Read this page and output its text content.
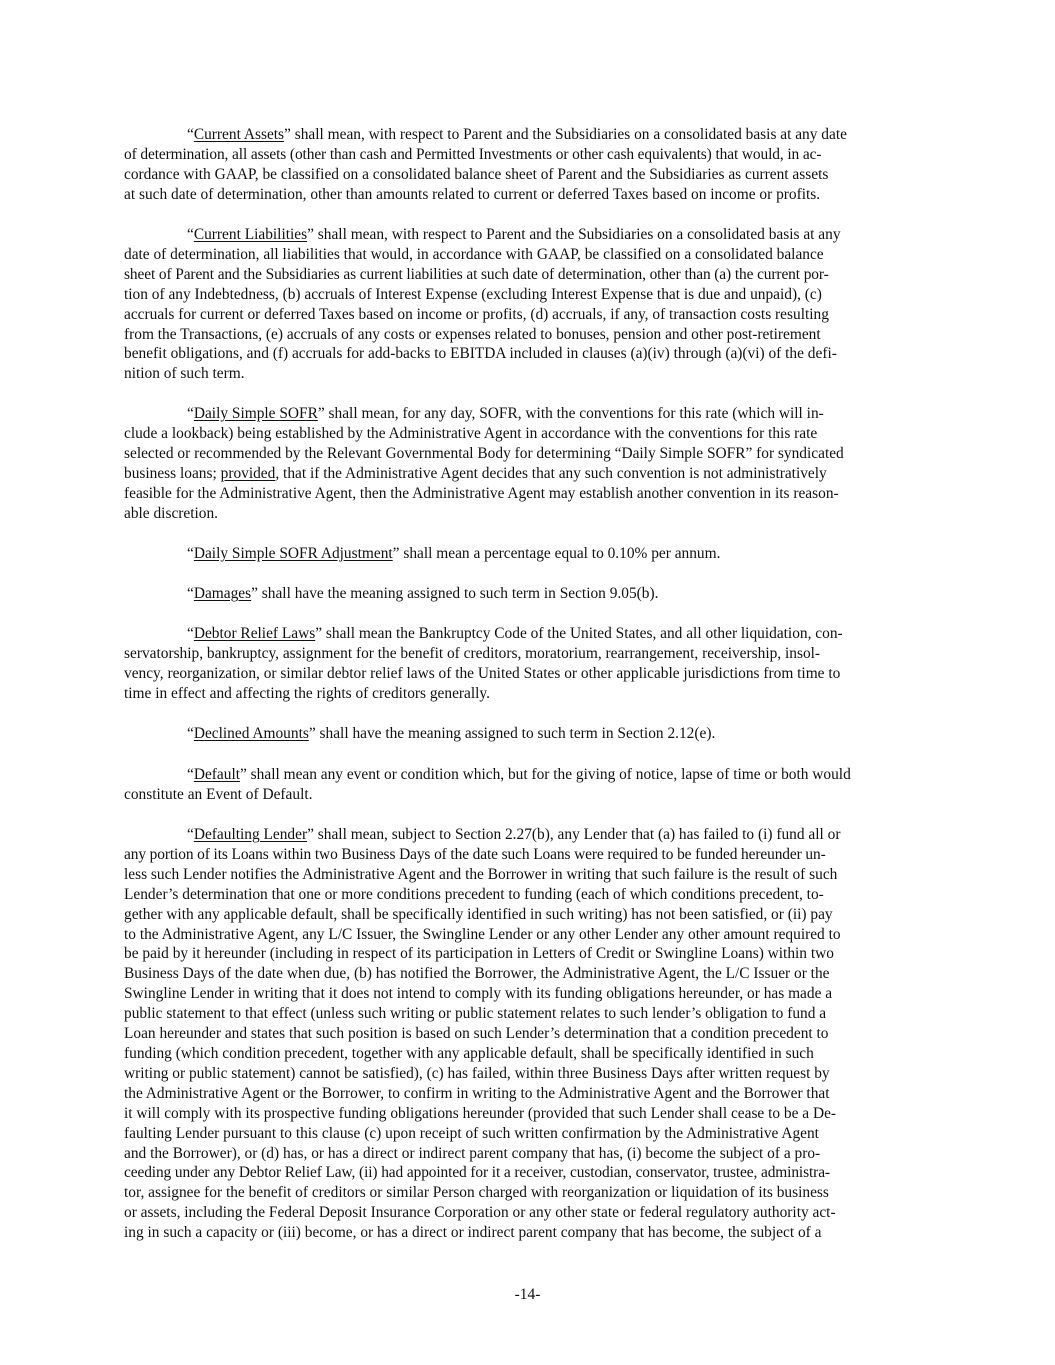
“Current Assets” shall mean, with respect to Parent and the Subsidiaries on a consolidated basis at any date
of determination, all assets (other than cash and Permitted Investments or other cash equivalents) that would, in ac-
cordance with GAAP, be classified on a consolidated balance sheet of Parent and the Subsidiaries as current assets
at such date of determination, other than amounts related to current or deferred Taxes based on income or profits.

“Current Liabilities” shall mean, with respect to Parent and the Subsidiaries on a consolidated basis at any
date of determination, all liabilities that would, in accordance with GAAP, be classified on a consolidated balance
sheet of Parent and the Subsidiaries as current liabilities at such date of determination, other than (a) the current por-
tion of any Indebtedness, (b) accruals of Interest Expense (excluding Interest Expense that is due and unpaid), (c)
accruals for current or deferred Taxes based on income or profits, (d) accruals, if any, of transaction costs resulting
from the Transactions, (e) accruals of any costs or expenses related to bonuses, pension and other post-retirement
benefit obligations, and (f) accruals for add-backs to EBITDA included in clauses (a)(iv) through (a)(vi) of the defi-
nition of such term.

“Daily Simple SOFR” shall mean, for any day, SOFR, with the conventions for this rate (which will in-
clude a lookback) being established by the Administrative Agent in accordance with the conventions for this rate
selected or recommended by the Relevant Governmental Body for determining “Daily Simple SOFR” for syndicated
business loans; provided, that if the Administrative Agent decides that any such convention is not administratively
feasible for the Administrative Agent, then the Administrative Agent may establish another convention in its reason-
able discretion.

“Daily Simple SOFR Adjustment” shall mean a percentage equal to 0.10% per annum.

“Damages” shall have the meaning assigned to such term in Section 9.05(b).

“Debtor Relief Laws” shall mean the Bankruptcy Code of the United States, and all other liquidation, con-
servatorship, bankruptcy, assignment for the benefit of creditors, moratorium, rearrangement, receivership, insol-
vency, reorganization, or similar debtor relief laws of the United States or other applicable jurisdictions from time to
time in effect and affecting the rights of creditors generally.

“Declined Amounts” shall have the meaning assigned to such term in Section 2.12(e).

“Default” shall mean any event or condition which, but for the giving of notice, lapse of time or both would
constitute an Event of Default.

“Defaulting Lender” shall mean, subject to Section 2.27(b), any Lender that (a) has failed to (i) fund all or
any portion of its Loans within two Business Days of the date such Loans were required to be funded hereunder un-
less such Lender notifies the Administrative Agent and the Borrower in writing that such failure is the result of such
Lender’s determination that one or more conditions precedent to funding (each of which conditions precedent, to-
gether with any applicable default, shall be specifically identified in such writing) has not been satisfied, or (ii) pay
to the Administrative Agent, any L/C Issuer, the Swingline Lender or any other Lender any other amount required to
be paid by it hereunder (including in respect of its participation in Letters of Credit or Swingline Loans) within two
Business Days of the date when due, (b) has notified the Borrower, the Administrative Agent, the L/C Issuer or the
Swingline Lender in writing that it does not intend to comply with its funding obligations hereunder, or has made a
public statement to that effect (unless such writing or public statement relates to such lender’s obligation to fund a
Loan hereunder and states that such position is based on such Lender’s determination that a condition precedent to
funding (which condition precedent, together with any applicable default, shall be specifically identified in such
writing or public statement) cannot be satisfied), (c) has failed, within three Business Days after written request by
the Administrative Agent or the Borrower, to confirm in writing to the Administrative Agent and the Borrower that
it will comply with its prospective funding obligations hereunder (provided that such Lender shall cease to be a De-
faulting Lender pursuant to this clause (c) upon receipt of such written confirmation by the Administrative Agent
and the Borrower), or (d) has, or has a direct or indirect parent company that has, (i) become the subject of a pro-
ceeding under any Debtor Relief Law, (ii) had appointed for it a receiver, custodian, conservator, trustee, administra-
tor, assignee for the benefit of creditors or similar Person charged with reorganization or liquidation of its business
or assets, including the Federal Deposit Insurance Corporation or any other state or federal regulatory authority act-
ing in such a capacity or (iii) become, or has a direct or indirect parent company that has become, the subject of a

-14-
